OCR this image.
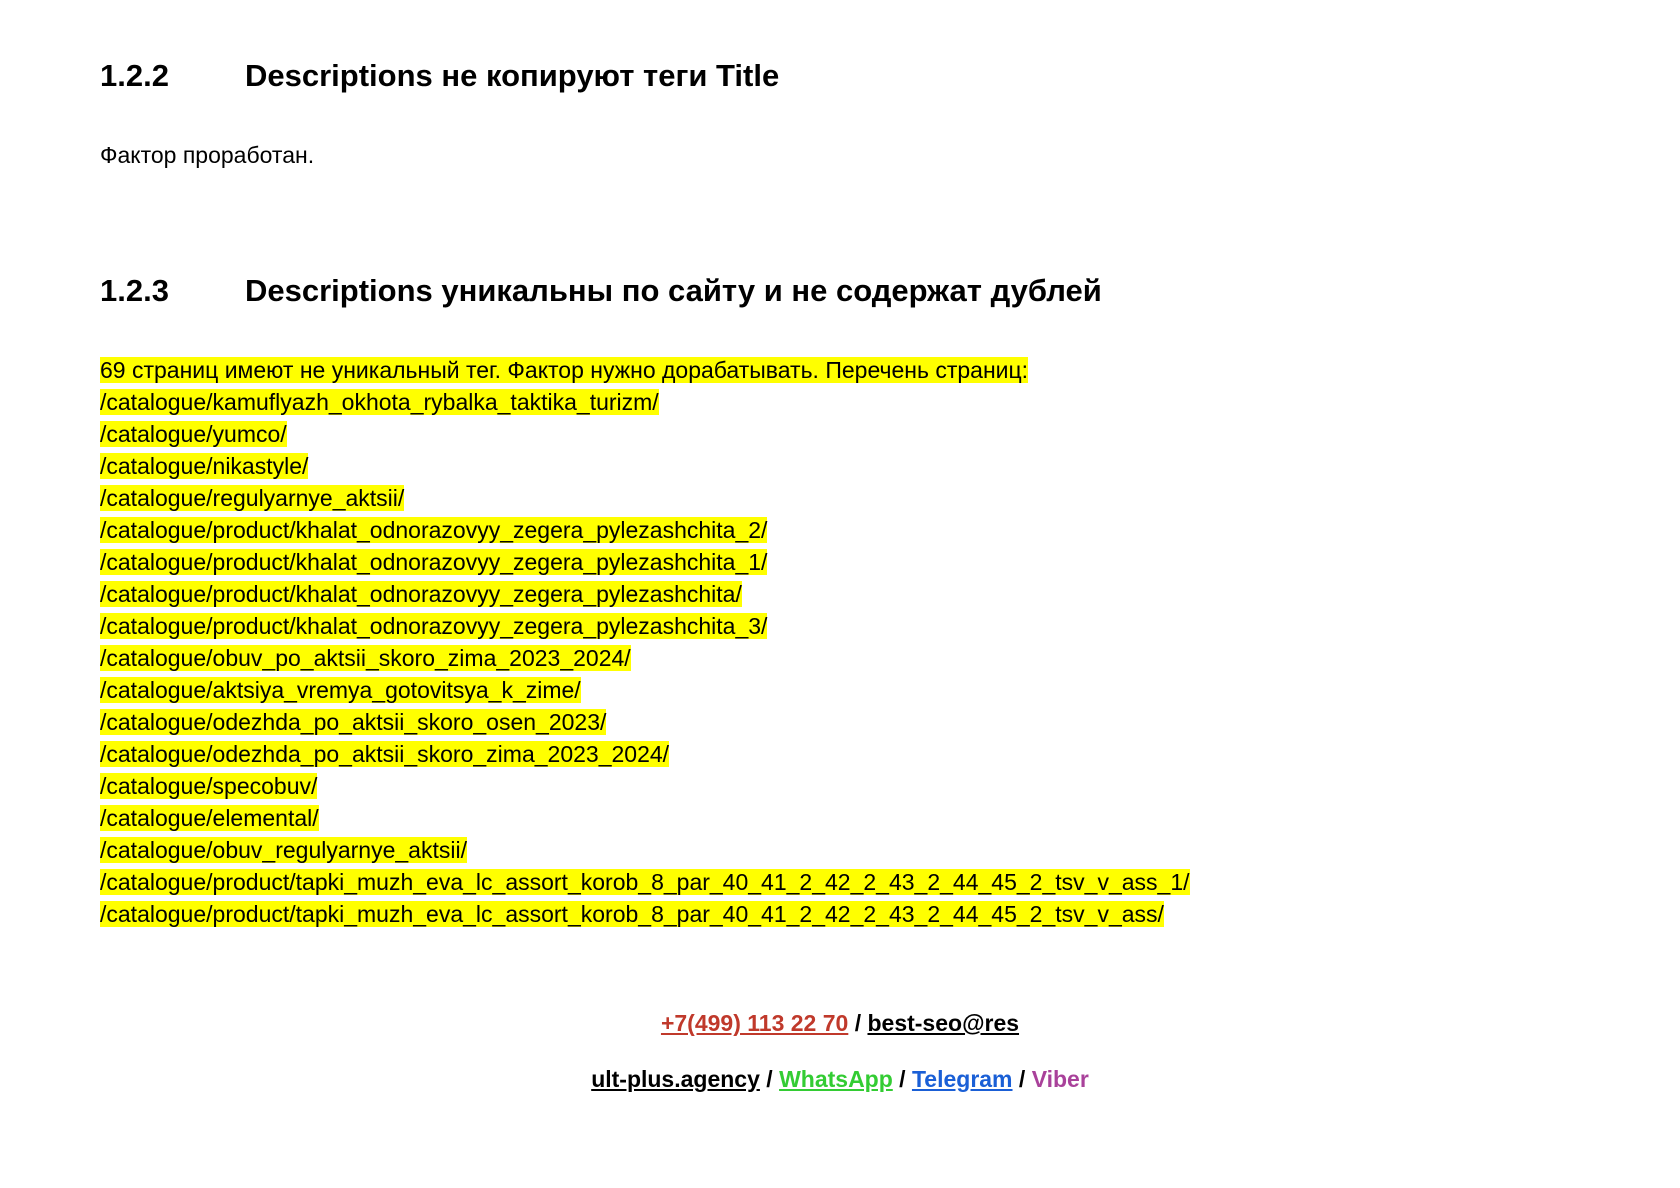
1.2.2 Descriptions не копируют теги Title
Фактор проработан.
1.2.3 Descriptions уникальны по сайту и не содержат дублей
69 страниц имеют не уникальный тег. Фактор нужно дорабатывать. Перечень страниц:
/catalogue/kamuflyazh_okhota_rybalka_taktika_turizm/
/catalogue/yumco/
/catalogue/nikastyle/
/catalogue/regulyarnye_aktsii/
/catalogue/product/khalat_odnorazovyy_zegera_pylezashchita_2/
/catalogue/product/khalat_odnorazovyy_zegera_pylezashchita_1/
/catalogue/product/khalat_odnorazovyy_zegera_pylezashchita/
/catalogue/product/khalat_odnorazovyy_zegera_pylezashchita_3/
/catalogue/obuv_po_aktsii_skoro_zima_2023_2024/
/catalogue/aktsiya_vremya_gotovitsya_k_zime/
/catalogue/odezhda_po_aktsii_skoro_osen_2023/
/catalogue/odezhda_po_aktsii_skoro_zima_2023_2024/
/catalogue/specobuv/
/catalogue/elemental/
/catalogue/obuv_regulyarnye_aktsii/
/catalogue/product/tapki_muzh_eva_lc_assort_korob_8_par_40_41_2_42_2_43_2_44_45_2_tsv_v_ass_1/
/catalogue/product/tapki_muzh_eva_lc_assort_korob_8_par_40_41_2_42_2_43_2_44_45_2_tsv_v_ass/
+7(499) 113 22 70 / best-seo@res
ult-plus.agency / WhatsApp / Telegram / Viber
